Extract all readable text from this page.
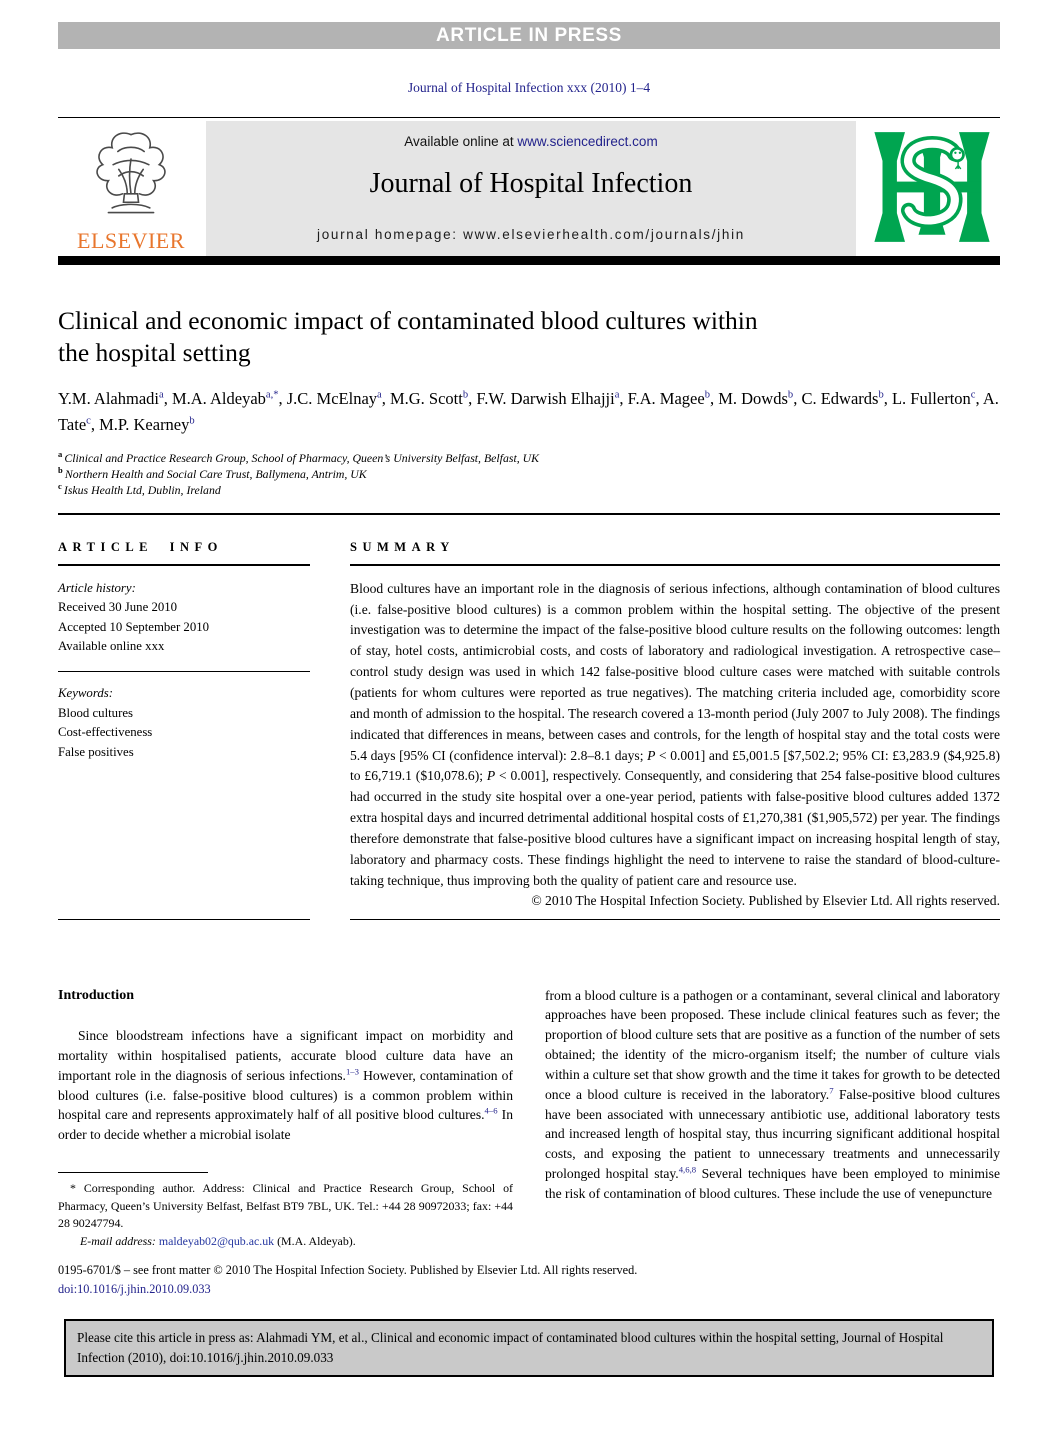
ARTICLE IN PRESS
Journal of Hospital Infection xxx (2010) 1–4
ELSEVIER
Available online at www.sciencedirect.com
Journal of Hospital Infection
journal homepage: www.elsevierhealth.com/journals/jhin
Clinical and economic impact of contaminated blood cultures within
the hospital setting
Y.M. Alahmadi$^a$, M.A. Aldeyab$^{a,*}$, J.C. McElnay$^a$, M.G. Scott$^b$, F.W. Darwish Elhajji$^a$, F.A. Magee$^b$, M. Dowds$^b$, C. Edwards$^b$, L. Fullerton$^c$, A. Tate$^c$, M.P. Kearney$^b$
$^a$ Clinical and Practice Research Group, School of Pharmacy, Queen’s University Belfast, Belfast, UK
$^b$ Northern Health and Social Care Trust, Ballymena, Antrim, UK
$^c$ Iskus Health Ltd, Dublin, Ireland
ARTICLE INFO
Article history:
Received 30 June 2010
Accepted 10 September 2010
Available online xxx
Keywords:
Blood cultures
Cost-effectiveness
False positives
SUMMARY
Blood cultures have an important role in the diagnosis of serious infections, although contamination of blood cultures (i.e. false-positive blood cultures) is a common problem within the hospital setting. The objective of the present investigation was to determine the impact of the false-positive blood culture results on the following outcomes: length of stay, hotel costs, antimicrobial costs, and costs of laboratory and radiological investigation. A retrospective case–control study design was used in which 142 false-positive blood culture cases were matched with suitable controls (patients for whom cultures were reported as true negatives). The matching criteria included age, comorbidity score and month of admission to the hospital. The research covered a 13-month period (July 2007 to July 2008). The findings indicated that differences in means, between cases and controls, for the length of hospital stay and the total costs were 5.4 days [95% CI (confidence interval): 2.8–8.1 days; P < 0.001] and £5,001.5 [$7,502.2; 95% CI: £3,283.9 ($4,925.8) to £6,719.1 ($10,078.6); P < 0.001], respectively. Consequently, and considering that 254 false-positive blood cultures had occurred in the study site hospital over a one-year period, patients with false-positive blood cultures added 1372 extra hospital days and incurred detrimental additional hospital costs of £1,270,381 ($1,905,572) per year. The findings therefore demonstrate that false-positive blood cultures have a significant impact on increasing hospital length of stay, laboratory and pharmacy costs. These findings highlight the need to intervene to raise the standard of blood-culture-taking technique, thus improving both the quality of patient care and resource use.
© 2010 The Hospital Infection Society. Published by Elsevier Ltd. All rights reserved.
Introduction
Since bloodstream infections have a significant impact on morbidity and mortality within hospitalised patients, accurate blood culture data have an important role in the diagnosis of serious infections.$^{1-3}$ However, contamination of blood cultures (i.e. false-positive blood cultures) is a common problem within hospital care and represents approximately half of all positive blood cultures.$^{4-6}$ In order to decide whether a microbial isolate
* Corresponding author. Address: Clinical and Practice Research Group, School of Pharmacy, Queen’s University Belfast, Belfast BT9 7BL, UK. Tel.: +44 28 90972033; fax: +44 28 90247794.
E-mail address: maldeyab02@qub.ac.uk (M.A. Aldeyab).
from a blood culture is a pathogen or a contaminant, several clinical and laboratory approaches have been proposed. These include clinical features such as fever; the proportion of blood culture sets that are positive as a function of the number of sets obtained; the identity of the micro-organism itself; the number of culture vials within a culture set that show growth and the time it takes for growth to be detected once a blood culture is received in the laboratory.$^7$ False-positive blood cultures have been associated with unnecessary antibiotic use, additional laboratory tests and increased length of hospital stay, thus incurring significant additional hospital costs, and exposing the patient to unnecessary treatments and unnecessarily prolonged hospital stay.$^{4,6,8}$ Several techniques have been employed to minimise the risk of contamination of blood cultures. These include the use of venepuncture
0195-6701/$ – see front matter © 2010 The Hospital Infection Society. Published by Elsevier Ltd. All rights reserved.
doi:10.1016/j.jhin.2010.09.033
Please cite this article in press as: Alahmadi YM, et al., Clinical and economic impact of contaminated blood cultures within the hospital setting, Journal of Hospital Infection (2010), doi:10.1016/j.jhin.2010.09.033
